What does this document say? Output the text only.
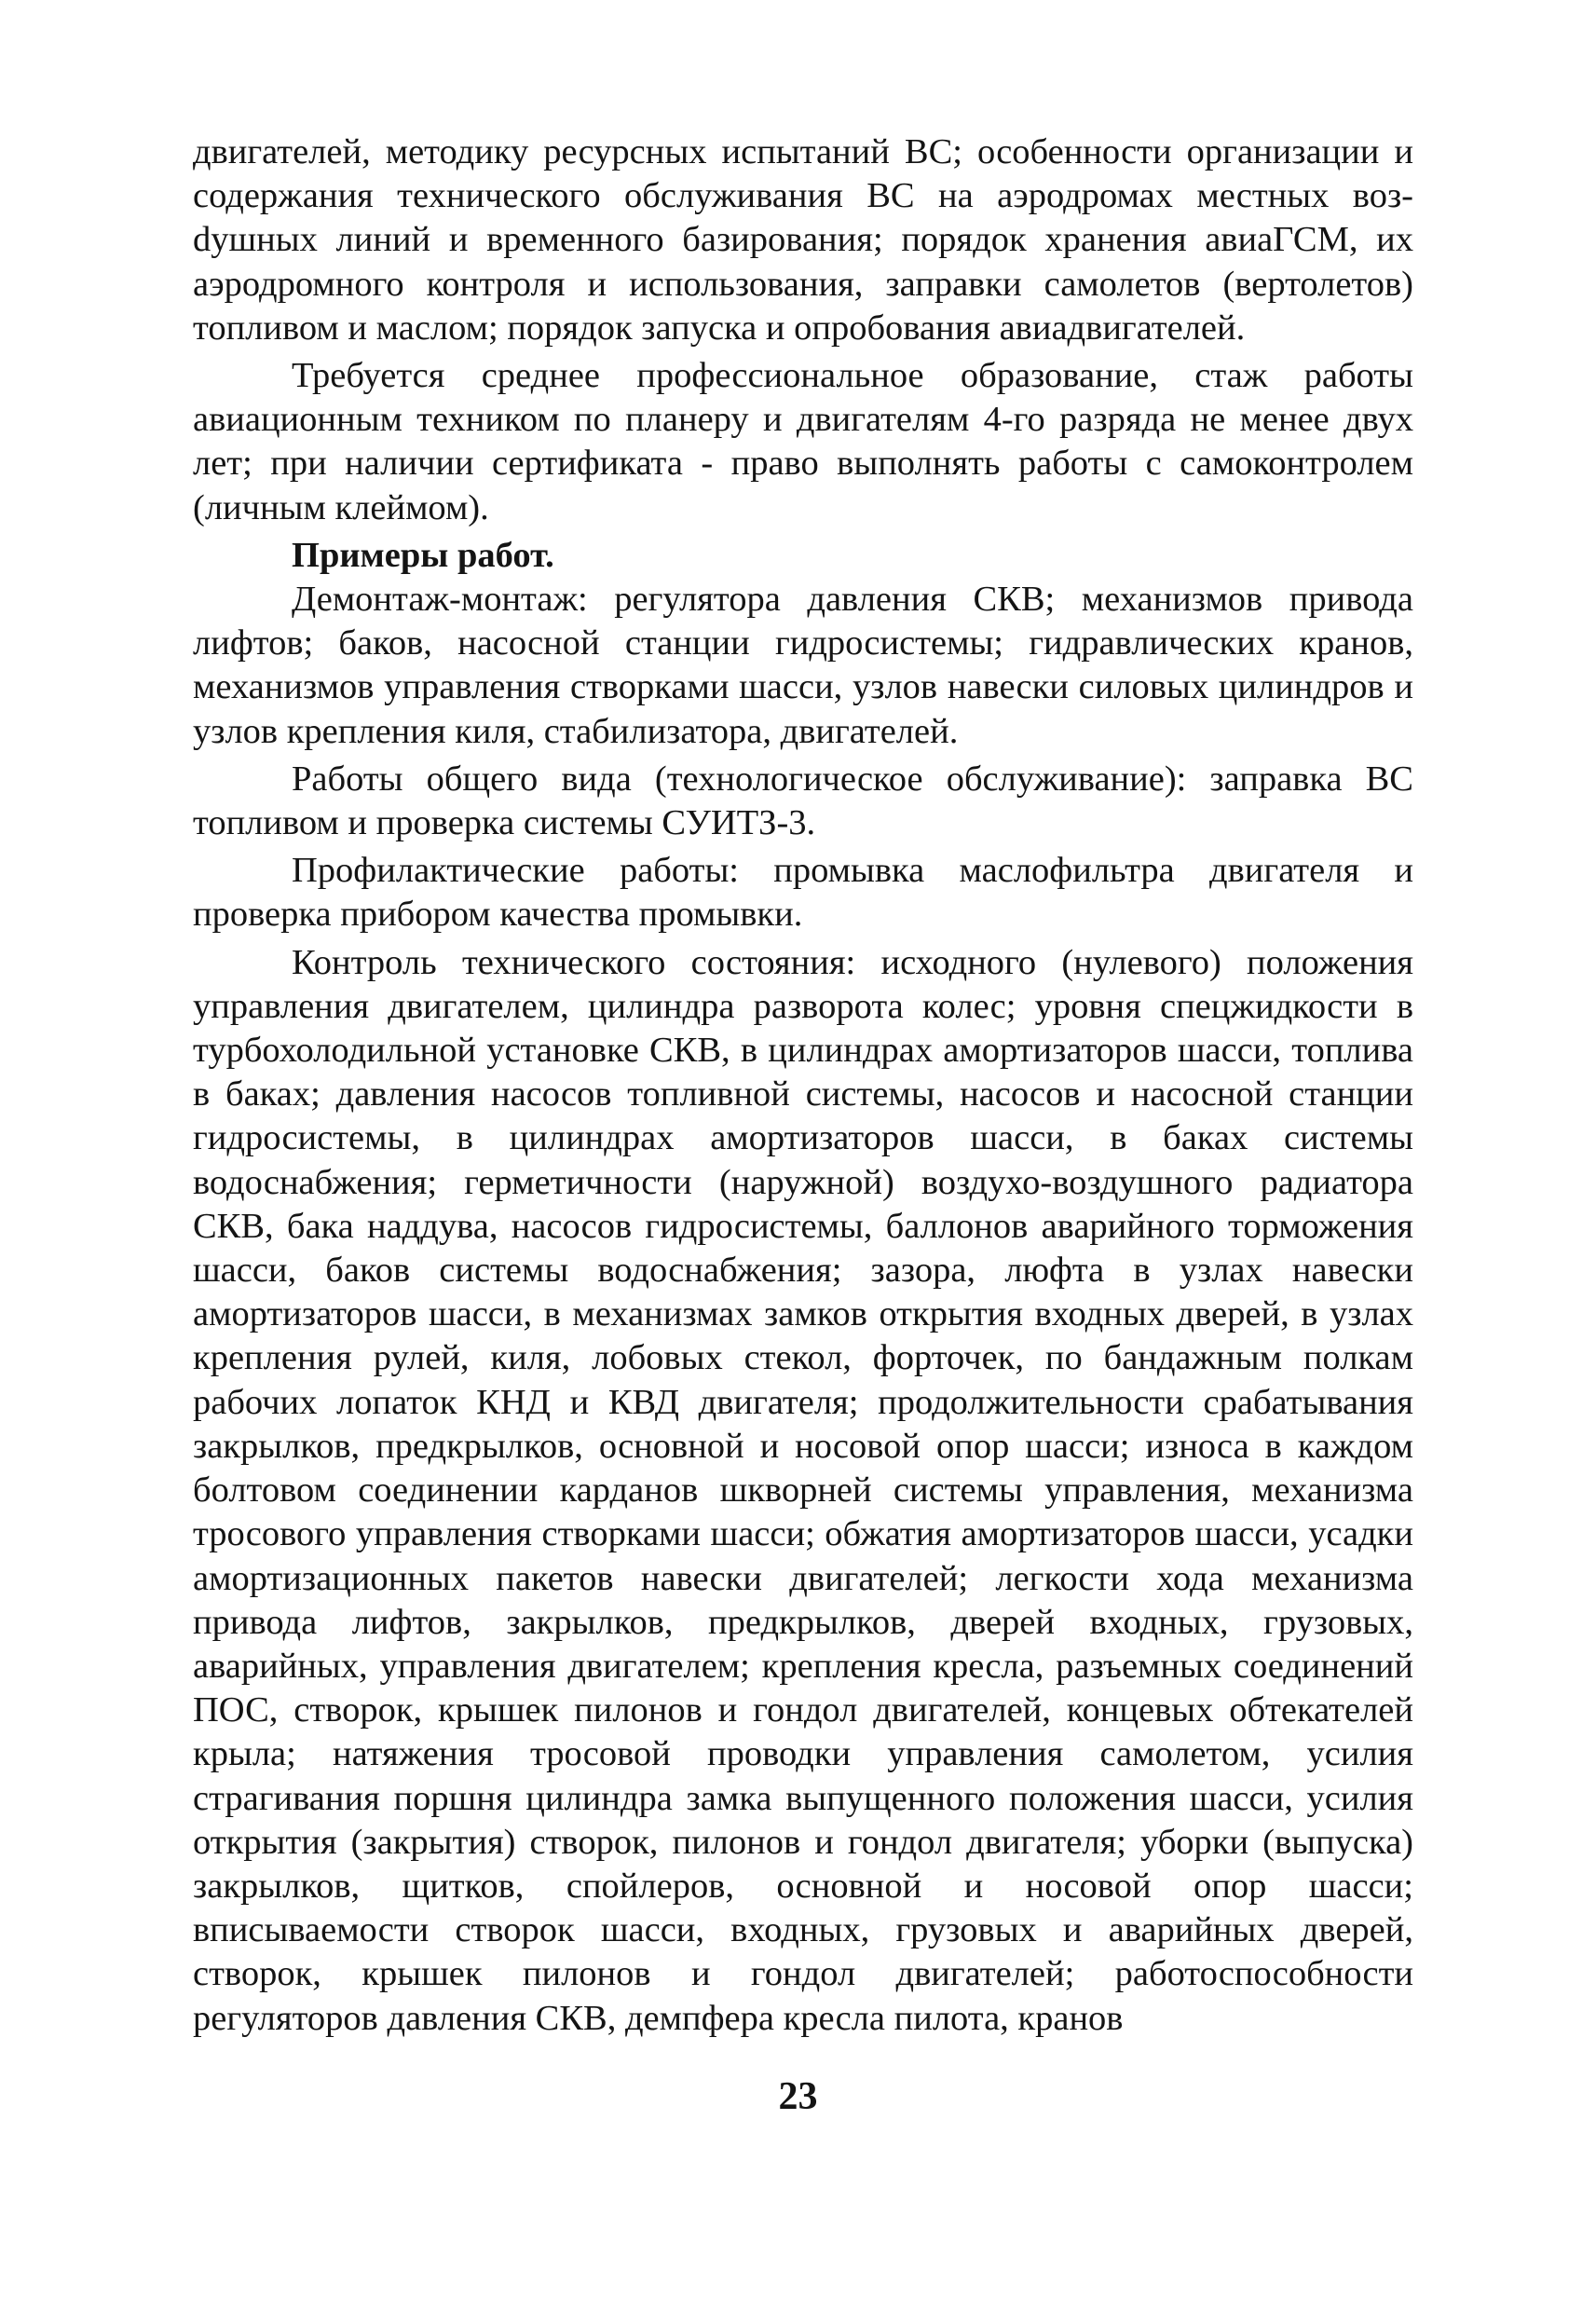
двигателей, методику ресурсных испытаний ВС; особенности организации и содержания технического обслуживания ВС на аэродромах местных возdушных линий и временного базирования; порядок хранения авиаГСМ, их аэродромного контроля и использования, заправки самолетов (вертолетов) топливом и маслом; порядок запуска и опробования авиадвигателей.

Требуется среднее профессиональное образование, стаж работы авиационным техником по планеру и двигателям 4-го разряда не менее двух лет; при наличии сертификата - право выполнять работы с самоконтролем (личным клеймом).

Примеры работ.

Демонтаж-монтаж: регулятора давления СКВ; механизмов привода лифтов; баков, насосной станции гидросистемы; гидравлических кранов, механизмов управления створками шасси, узлов навески силовых цилиндров и узлов крепления киля, стабилизатора, двигателей.

Работы общего вида (технологическое обслуживание): заправка ВС топливом и проверка системы СУИТЗ-3.

Профилактические работы: промывка маслофильтра двигателя и проверка прибором качества промывки.

Контроль технического состояния: исходного (нулевого) положения управления двигателем, цилиндра разворота колес; уровня спецжидкости в турбохолодильной установке СКВ, в цилиндрах амортизаторов шасси, топлива в баках; давления насосов топливной системы, насосов и насосной станции гидросистемы, в цилиндрах амортизаторов шасси, в баках системы водоснабжения; герметичности (наружной) воздухо-воздушного радиатора СКВ, бака наддува, насосов гидросистемы, баллонов аварийного торможения шасси, баков системы водоснабжения; зазора, люфта в узлах навески амортизаторов шасси, в механизмах замков открытия входных дверей, в узлах крепления рулей, киля, лобовых стекол, форточек, по бандажным полкам рабочих лопаток КНД и КВД двигателя; продолжительности срабатывания закрылков, предкрылков, основной и носовой опор шасси; износа в каждом болтовом соединении карданов шкворней системы управления, механизма тросового управления створками шасси; обжатия амортизаторов шасси, усадки амортизационных пакетов навески двигателей; легкости хода механизма привода лифтов, закрылков, предкрылков, дверей входных, грузовых, аварийных, управления двигателем; крепления кресла, разъемных соединений ПОС, створок, крышек пилонов и гондол двигателей, концевых обтекателей крыла; натяжения тросовой проводки управления самолетом, усилия страгивания поршня цилиндра замка выпущенного положения шасси, усилия открытия (закрытия) створок, пилонов и гондол двигателя; уборки (выпуска) закрылков, щитков, спойлеров, основной и носовой опор шасси; вписываемости створок шасси, входных, грузовых и аварийных дверей, створок, крышек пилонов и гондол двигателей; работоспособности регуляторов давления СКВ, демпфера кресла пилота, кранов

23
